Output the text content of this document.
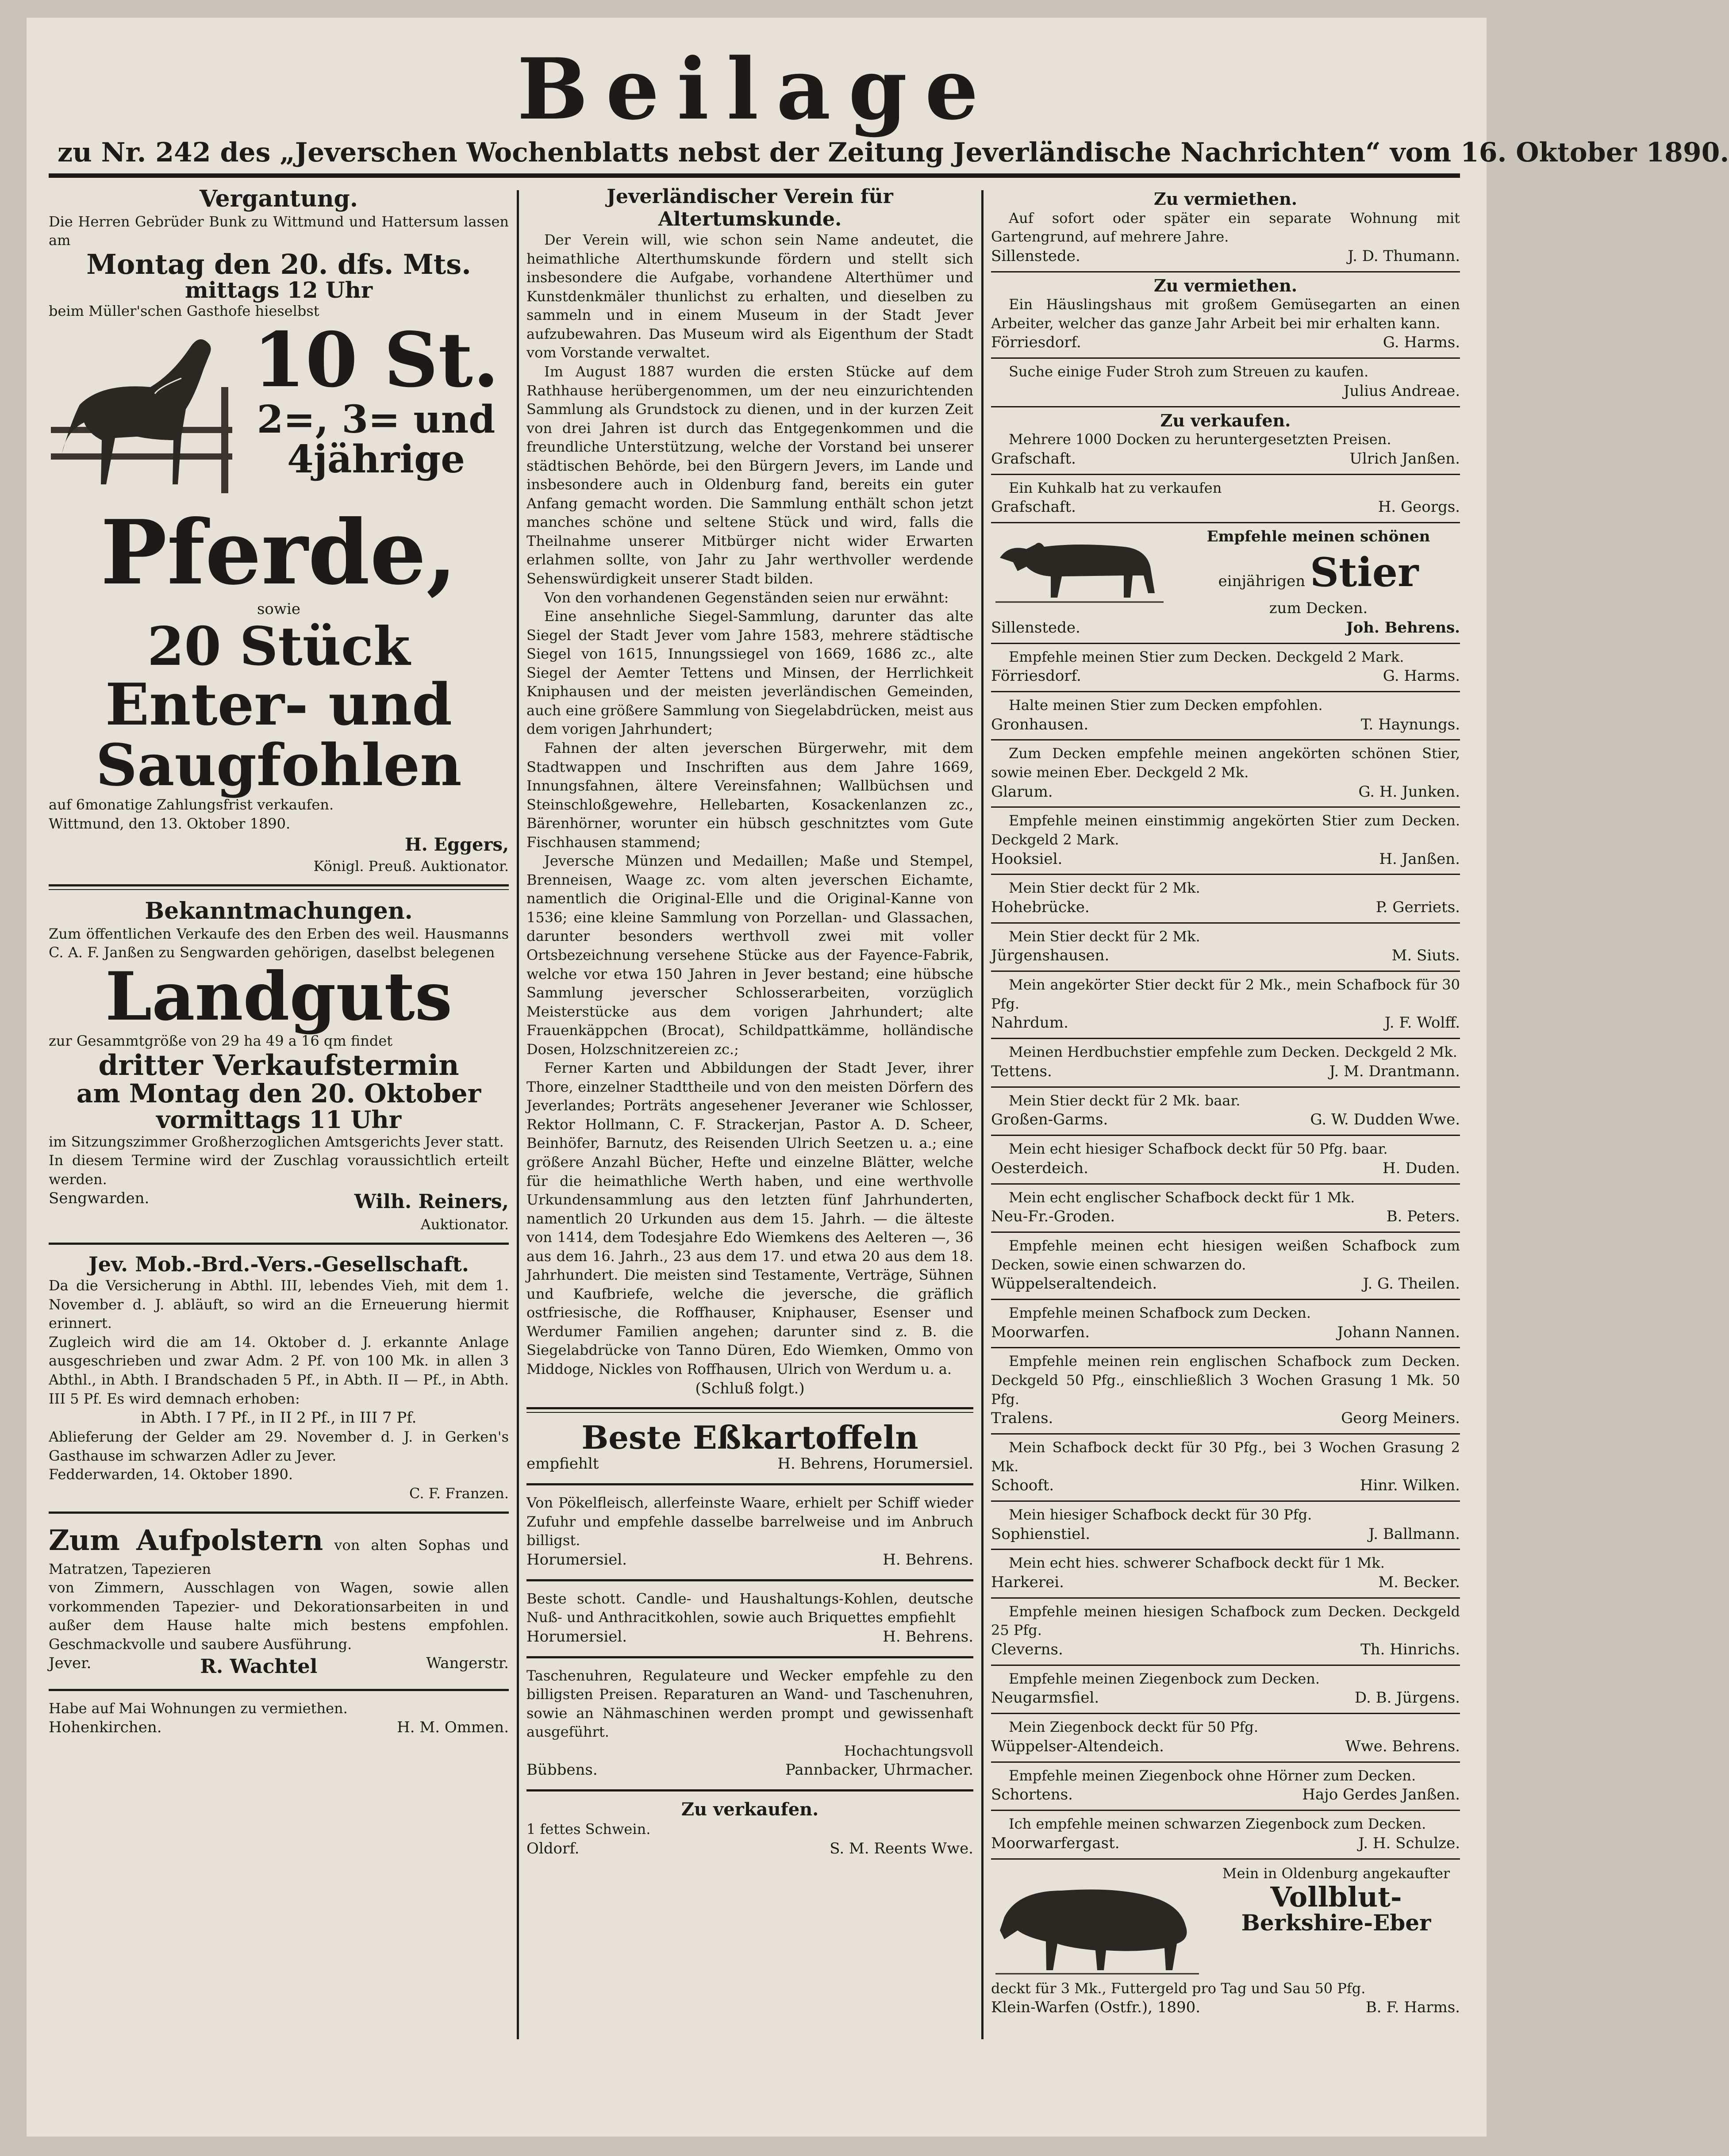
Beilage
zu Nr. 242 des „Jeverschen Wochenblatts nebst der Zeitung Jeverländische Nachrichten“ vom 16. Oktober 1890.
Vergantung.
Die Herren Gebrüder Bunk zu Wittmund und Hattersum lassen am
Montag den 20. dfs. Mts.
mittags 12 Uhr
beim Müller'schen Gasthofe hieselbst
10 St.
2=, 3= und
4jährige
Pferde,
sowie
20 Stück
Enter- und
Saugfohlen
auf 6monatige Zahlungsfrist verkaufen.
Wittmund, den 13. Oktober 1890.
H. Eggers,
Königl. Preuß. Auktionator.
Bekanntmachungen.
Zum öffentlichen Verkaufe des den Erben des weil. Hausmanns C. A. F. Janßen zu Sengwarden gehörigen, daselbst belegenen
Landguts
zur Gesammtgröße von 29 ha 49 a 16 qm findet
dritter Verkaufstermin
am Montag den 20. Oktober
vormittags 11 Uhr
im Sitzungszimmer Großherzoglichen Amtsgerichts Jever statt.
In diesem Termine wird der Zuschlag voraussichtlich erteilt werden.
Sengwarden.	Wilh. Reiners,
Auktionator.
Jev. Mob.-Brd.-Vers.-Gesellschaft.
Da die Versicherung in Abthl. III, lebendes Vieh, mit dem 1. November d. J. abläuft, so wird an die Erneuerung hiermit erinnert.
Zugleich wird die am 14. Oktober d. J. erkannte Anlage ausgeschrieben und zwar Adm. 2 Pf. von 100 Mk. in allen 3 Abthl., in Abth. I Brandschaden 5 Pf., in Abth. II — Pf., in Abth. III 5 Pf. Es wird demnach erhoben:
in Abth. I 7 Pf., in II 2 Pf., in III 7 Pf.
Ablieferung der Gelder am 29. November d. J. in Gerken's Gasthause im schwarzen Adler zu Jever.
Fedderwarden, 14. Oktober 1890.
C. F. Franzen.
Zum Aufpolstern von alten Sophas und Matratzen, Tapezieren
von Zimmern, Ausschlagen von Wagen, sowie allen vorkommenden Tapezier- und Dekorationsarbeiten in und außer dem Hause halte mich bestens empfohlen. Geschmackvolle und saubere Ausführung.
Jever.	R. Wachtel	Wangerstr.
Habe auf Mai Wohnungen zu vermiethen.
Hohenkirchen.	H. M. Ommen.
Jeverländischer Verein für Altertumskunde.
Der Verein will, wie schon sein Name andeutet, die heimathliche Alterthumskunde fördern und stellt sich insbesondere die Aufgabe, vorhandene Alterthümer und Kunstdenkmäler thunlichst zu erhalten, und dieselben zu sammeln und in einem Museum in der Stadt Jever aufzubewahren. Das Museum wird als Eigenthum der Stadt vom Vorstande verwaltet.
Im August 1887 wurden die ersten Stücke auf dem Rathhause herübergenommen, um der neu einzurichtenden Sammlung als Grundstock zu dienen, und in der kurzen Zeit von drei Jahren ist durch das Entgegenkommen und die freundliche Unterstützung, welche der Vorstand bei unserer städtischen Behörde, bei den Bürgern Jevers, im Lande und insbesondere auch in Oldenburg fand, bereits ein guter Anfang gemacht worden. Die Sammlung enthält schon jetzt manches schöne und seltene Stück und wird, falls die Theilnahme unserer Mitbürger nicht wider Erwarten erlahmen sollte, von Jahr zu Jahr werthvoller werdende Sehenswürdigkeit unserer Stadt bilden.
Von den vorhandenen Gegenständen seien nur erwähnt:
Eine ansehnliche Siegel-Sammlung, darunter das alte Siegel der Stadt Jever vom Jahre 1583, mehrere städtische Siegel von 1615, Innungssiegel von 1669, 1686 zc., alte Siegel der Aemter Tettens und Minsen, der Herrlichkeit Kniphausen und der meisten jeverländischen Gemeinden, auch eine größere Sammlung von Siegelabdrücken, meist aus dem vorigen Jahrhundert;
Fahnen der alten jeverschen Bürgerwehr, mit dem Stadtwappen und Inschriften aus dem Jahre 1669, Innungsfahnen, ältere Vereinsfahnen; Wallbüchsen und Steinschloßgewehre, Hellebarten, Kosackenlanzen zc., Bärenhörner, worunter ein hübsch geschnitztes vom Gute Fischhausen stammend;
Jeversche Münzen und Medaillen; Maße und Stempel, Brenneisen, Waage zc. vom alten jeverschen Eichamte, namentlich die Original-Elle und die Original-Kanne von 1536; eine kleine Sammlung von Porzellan- und Glassachen, darunter besonders werthvoll zwei mit voller Ortsbezeichnung versehene Stücke aus der Fayence-Fabrik, welche vor etwa 150 Jahren in Jever bestand; eine hübsche Sammlung jeverscher Schlosserarbeiten, vorzüglich Meisterstücke aus dem vorigen Jahrhundert; alte Frauenkäppchen (Brocat), Schildpattkämme, holländische Dosen, Holzschnitzereien zc.;
Ferner Karten und Abbildungen der Stadt Jever, ihrer Thore, einzelner Stadttheile und von den meisten Dörfern des Jeverlandes; Porträts angesehener Jeveraner wie Schlosser, Rektor Hollmann, C. F. Strackerjan, Pastor A. D. Scheer, Beinhöfer, Barnutz, des Reisenden Ulrich Seetzen u. a.; eine größere Anzahl Bücher, Hefte und einzelne Blätter, welche für die heimathliche Werth haben, und eine werthvolle Urkundensammlung aus den letzten fünf Jahrhunderten, namentlich 20 Urkunden aus dem 15. Jahrh. — die älteste von 1414, dem Todesjahre Edo Wiemkens des Aelteren —, 36 aus dem 16. Jahrh., 23 aus dem 17. und etwa 20 aus dem 18. Jahrhundert. Die meisten sind Testamente, Verträge, Sühnen und Kaufbriefe, welche die jeversche, die gräflich ostfriesische, die Roffhauser, Kniphauser, Esenser und Werdumer Familien angehen; darunter sind z. B. die Siegelabdrücke von Tanno Düren, Edo Wiemken, Ommo von Middoge, Nickles von Roffhausen, Ulrich von Werdum u. a.
(Schluß folgt.)
Beste Eßkartoffeln
empfiehlt	H. Behrens, Horumersiel.
Von Pökelfleisch, allerfeinste Waare, erhielt per Schiff wieder Zufuhr und empfehle dasselbe barrelweise und im Anbruch billigst.
Horumersiel.	H. Behrens.
Beste schott. Candle- und Haushaltungs-Kohlen, deutsche Nuß- und Anthracitkohlen, sowie auch Briquettes empfiehlt
Horumersiel.	H. Behrens.
Taschenuhren, Regulateure und Wecker empfehle zu den billigsten Preisen. Reparaturen an Wand- und Taschenuhren, sowie an Nähmaschinen werden prompt und gewissenhaft ausgeführt.
Hochachtungsvoll
Bübbens.	Pannbacker, Uhrmacher.
Zu verkaufen.
1 fettes Schwein.
Oldorf.	S. M. Reents Wwe.
Zu vermiethen.
Auf sofort oder später ein separate Wohnung mit Gartengrund, auf mehrere Jahre.
Sillenstede.	J. D. Thumann.
Zu vermiethen.
Ein Häuslingshaus mit großem Gemüsegarten an einen Arbeiter, welcher das ganze Jahr Arbeit bei mir erhalten kann.
Förriesdorf.	G. Harms.
Suche einige Fuder Stroh zum Streuen zu kaufen.
Julius Andreae.
Zu verkaufen.
Mehrere 1000 Docken zu heruntergesetzten Preisen.
Grafschaft.	Ulrich Janßen.
Ein Kuhkalb hat zu verkaufen
Grafschaft.	H. Georgs.
Empfehle meinen schönen
einjährigen Stier
zum Decken.
Sillenstede.	Joh. Behrens.
Empfehle meinen Stier zum Decken. Deckgeld 2 Mark.
Förriesdorf.	G. Harms.
Halte meinen Stier zum Decken empfohlen.
Gronhausen.	T. Haynungs.
Zum Decken empfehle meinen angekörten schönen Stier, sowie meinen Eber. Deckgeld 2 Mk.
Glarum.	G. H. Junken.
Empfehle meinen einstimmig angekörten Stier zum Decken. Deckgeld 2 Mark.
Hooksiel.	H. Janßen.
Mein Stier deckt für 2 Mk.
Hohebrücke.	P. Gerriets.
Mein Stier deckt für 2 Mk.
Jürgenshausen.	M. Siuts.
Mein angekörter Stier deckt für 2 Mk., mein Schafbock für 30 Pfg.
Nahrdum.	J. F. Wolff.
Meinen Herdbuchstier empfehle zum Decken. Deckgeld 2 Mk.
Tettens.	J. M. Drantmann.
Mein Stier deckt für 2 Mk. baar.
Großen-Garms.	G. W. Dudden Wwe.
Mein echt hiesiger Schafbock deckt für 50 Pfg. baar.
Oesterdeich.	H. Duden.
Mein echt englischer Schafbock deckt für 1 Mk.
Neu-Fr.-Groden.	B. Peters.
Empfehle meinen echt hiesigen weißen Schafbock zum Decken, sowie einen schwarzen do.
Wüppelseraltendeich.	J. G. Theilen.
Empfehle meinen Schafbock zum Decken.
Moorwarfen.	Johann Nannen.
Empfehle meinen rein englischen Schafbock zum Decken. Deckgeld 50 Pfg., einschließlich 3 Wochen Grasung 1 Mk. 50 Pfg.
Tralens.	Georg Meiners.
Mein Schafbock deckt für 30 Pfg., bei 3 Wochen Grasung 2 Mk.
Schooft.	Hinr. Wilken.
Mein hiesiger Schafbock deckt für 30 Pfg.
Sophienstiel.	J. Ballmann.
Mein echt hies. schwerer Schafbock deckt für 1 Mk.
Harkerei.	M. Becker.
Empfehle meinen hiesigen Schafbock zum Decken. Deckgeld 25 Pfg.
Cleverns.	Th. Hinrichs.
Empfehle meinen Ziegenbock zum Decken.
Neugarmsfiel.	D. B. Jürgens.
Mein Ziegenbock deckt für 50 Pfg.
Wüppelser-Altendeich.	Wwe. Behrens.
Empfehle meinen Ziegenbock ohne Hörner zum Decken.
Schortens.	Hajo Gerdes Janßen.
Ich empfehle meinen schwarzen Ziegenbock zum Decken.
Moorwarfergast.	J. H. Schulze.
Mein in Oldenburg angekaufter
Vollblut-
Berkshire-Eber
deckt für 3 Mk., Futtergeld pro Tag und Sau 50 Pfg.
Klein-Warfen (Ostfr.), 1890.	B. F. Harms.
